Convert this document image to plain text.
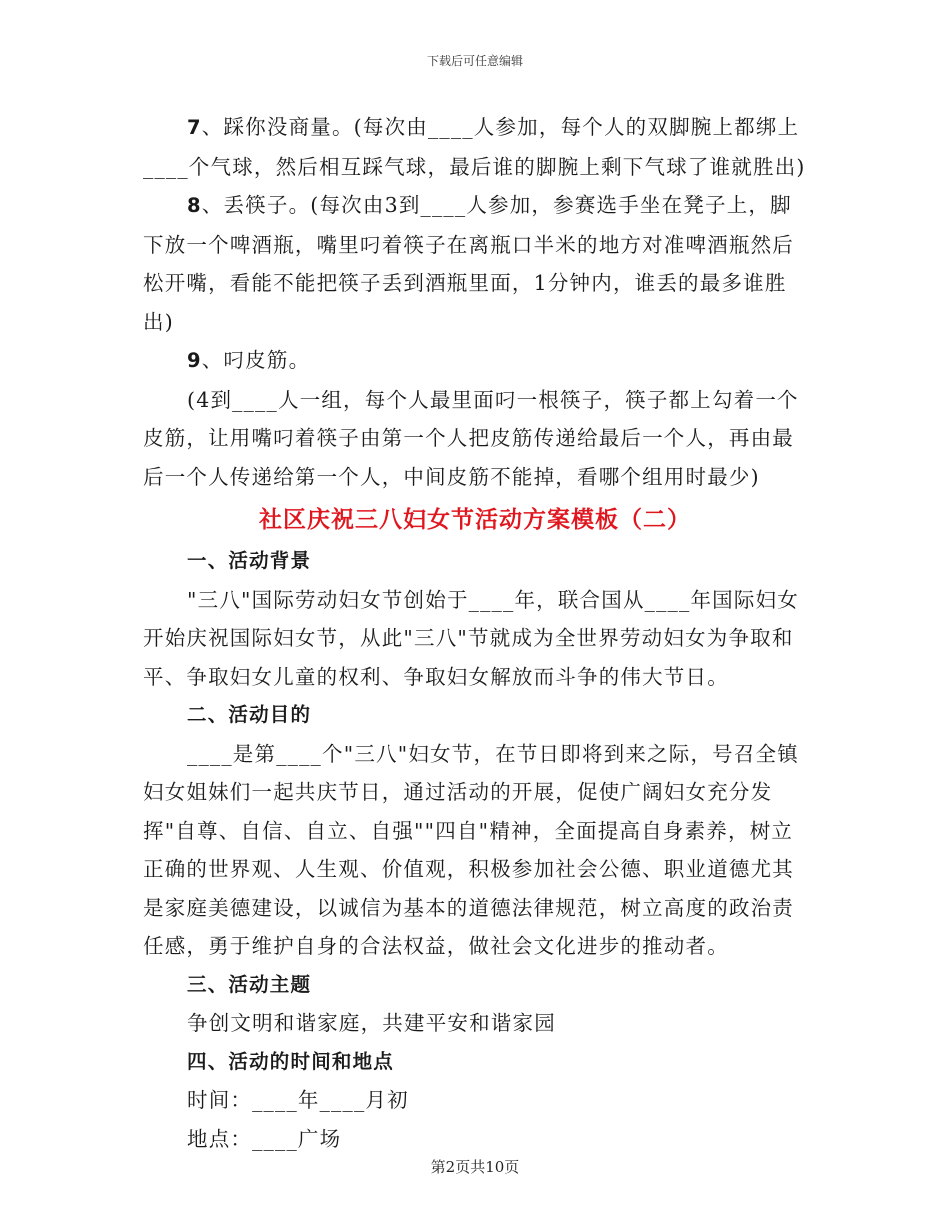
下载后可任意编辑

7、踩你没商量。(每次由____人参加，每个人的双脚腕上都绑上____个气球，然后相互踩气球，最后谁的脚腕上剩下气球了谁就胜出)

8、丢筷子。(每次由3到____人参加，参赛选手坐在凳子上，脚下放一个啤酒瓶，嘴里叼着筷子在离瓶口半米的地方对准啤酒瓶然后松开嘴，看能不能把筷子丢到酒瓶里面，1分钟内，谁丢的最多谁胜出)

9、叼皮筋。

(4到____人一组，每个人最里面叼一根筷子，筷子都上勾着一个皮筋，让用嘴叼着筷子由第一个人把皮筋传递给最后一个人，再由最后一个人传递给第一个人，中间皮筋不能掉，看哪个组用时最少)

社区庆祝三八妇女节活动方案模板（二）

一、活动背景

"三八"国际劳动妇女节创始于____年，联合国从____年国际妇女开始庆祝国际妇女节，从此"三八"节就成为全世界劳动妇女为争取和平、争取妇女儿童的权利、争取妇女解放而斗争的伟大节日。

二、活动目的

____是第____个"三八"妇女节，在节日即将到来之际，号召全镇妇女姐妹们一起共庆节日，通过活动的开展，促使广阔妇女充分发挥"自尊、自信、自立、自强""四自"精神，全面提高自身素养，树立正确的世界观、人生观、价值观，积极参加社会公德、职业道德尤其是家庭美德建设，以诚信为基本的道德法律规范，树立高度的政治责任感，勇于维护自身的合法权益，做社会文化进步的推动者。

三、活动主题

争创文明和谐家庭，共建平安和谐家园

四、活动的时间和地点

时间：____年____月初

地点：____广场

第2页共10页
